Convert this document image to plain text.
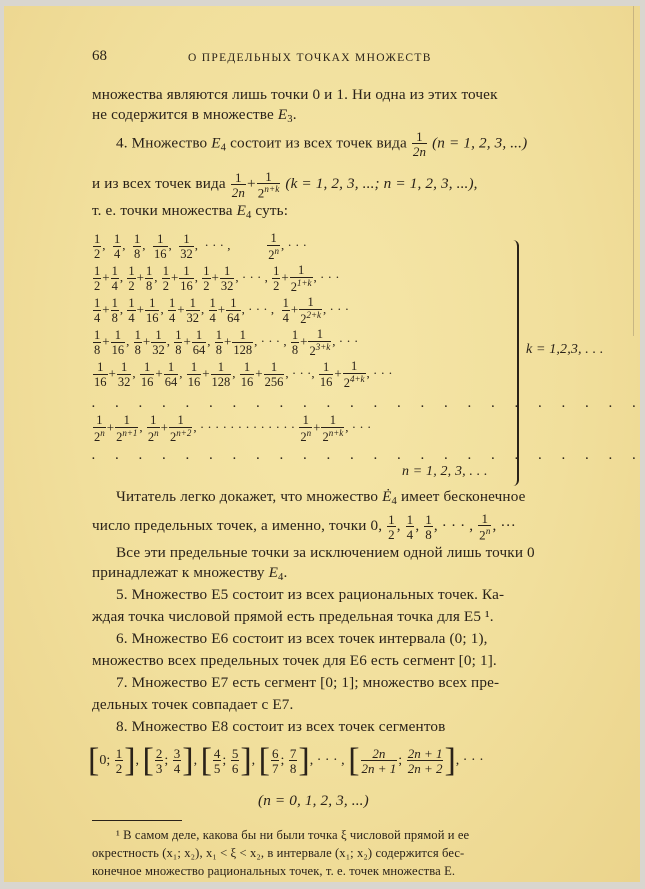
68	О ПРЕДЕЛЬНЫХ ТОЧКАХ МНОЖЕСТВ
множества являются лишь точки 0 и 1. Ни одна из этих точек
не содержится в множестве $E_3$.
4. Множество $E_4$ состоит из всех точек вида $\frac{1}{2n} (n = 1$, 2, 3, ...)
и из всех точек вида $\frac{1}{2n} + \frac{1}{2^{n+k}} (k = 1$, 2, 3, ...; n = 1, 2, 3, ...),
т. е. точки множества $E_4$ суть:
$\frac{1}{2}$ , $\frac{1}{4}$ , $\frac{1}{8}$ , $\frac{1}{16}$ , $\frac{1}{32}$ ,  · · · , $\frac{1}{2^n}$ , · · ·
$\frac{1}{2} + \frac{1}{4}$ , $\frac{1}{2} + \frac{1}{8}$ , $\frac{1}{2} + \frac{1}{16}$ , $\frac{1}{2} + \frac{1}{32}$ , · · · , $\frac{1}{2} + \frac{1}{2^{1+k}}$ , · · ·
$\frac{1}{4} + \frac{1}{8}$ , $\frac{1}{4} + \frac{1}{16}$ , $\frac{1}{4} + \frac{1}{32}$ , $\frac{1}{4} + \frac{1}{64}$ , · · · , $\frac{1}{4} + \frac{1}{2^{2+k}}$ , · · ·
$\frac{1}{8} + \frac{1}{16}$ , $\frac{1}{8} + \frac{1}{32}$ , $\frac{1}{8} + \frac{1}{64}$ , $\frac{1}{8} + \frac{1}{128}$ , · · · , $\frac{1}{8} + \frac{1}{2^{3+k}}$ , · · ·
$\frac{1}{16} + \frac{1}{32}$ , $\frac{1}{16} + \frac{1}{64}$ , $\frac{1}{16} + \frac{1}{128}$ , $\frac{1}{16} + \frac{1}{256}$ , · · ·, $\frac{1}{16} + \frac{1}{2^{4+k}}$ , · · ·
. . . . . . . . . . . . . . . . . . . . . . . .
$\frac{1}{2^n} + \frac{1}{2^{n+1}}$ , $\frac{1}{2^n} + \frac{1}{2^{n+2}}$ , · · · · · · · · · · · · · $\frac{1}{2^n} + \frac{1}{2^{n+k}}$ , · · ·
. . . . . . . . . . . . . . . . . . . . . . . .
n = 1, 2, 3, . . .
k = 1,2,3, . . .
Читатель легко докажет, что множество $Ė_4$ имеет бесконечное
число предельных точек, а именно, точки 0, $\frac{1}{2}$ , $\frac{1}{4}$ , $\frac{1}{8}$ , · · · , $\frac{1}{2^n}$ , ···
Все эти предельные точки за исключением одной лишь точки 0
принадлежат к множеству $E_4$.
5. Множество E5 состоит из всех рациональных точек. Ка-
ждая точка числовой прямой есть предельная точка для E5 ¹.
6. Множество E6 состоит из всех точек интервала (0; 1),
множество всех предельных точек для E6 есть сегмент [0; 1].
7. Множество E7 есть сегмент [0; 1]; множество всех пре-
дельных точек совпадает с E7.
8. Множество E8 состоит из всех точек сегментов
[0; $\frac{1}{2}$ ], [ $\frac{2}{3}$ ; $\frac{3}{4}$ ], [ $\frac{4}{5}$ ; $\frac{5}{6}$ ], [ $\frac{6}{7}$ ; $\frac{7}{8}$ ], · · · , [ $\frac{2n}{2n + 1}$ ; $\frac{2n + 1}{2n + 2}$ ], · · ·
(n = 0, 1, 2, 3, ...)
¹ В самом деле, какова бы ни были точка ξ числовой прямой и ее
окрестность (x₁; x₂), x₁ < ξ < x₂, в интервале (x₁; x₂) содержится бес-
конечное множество рациональных точек, т. е. точек множества E.
